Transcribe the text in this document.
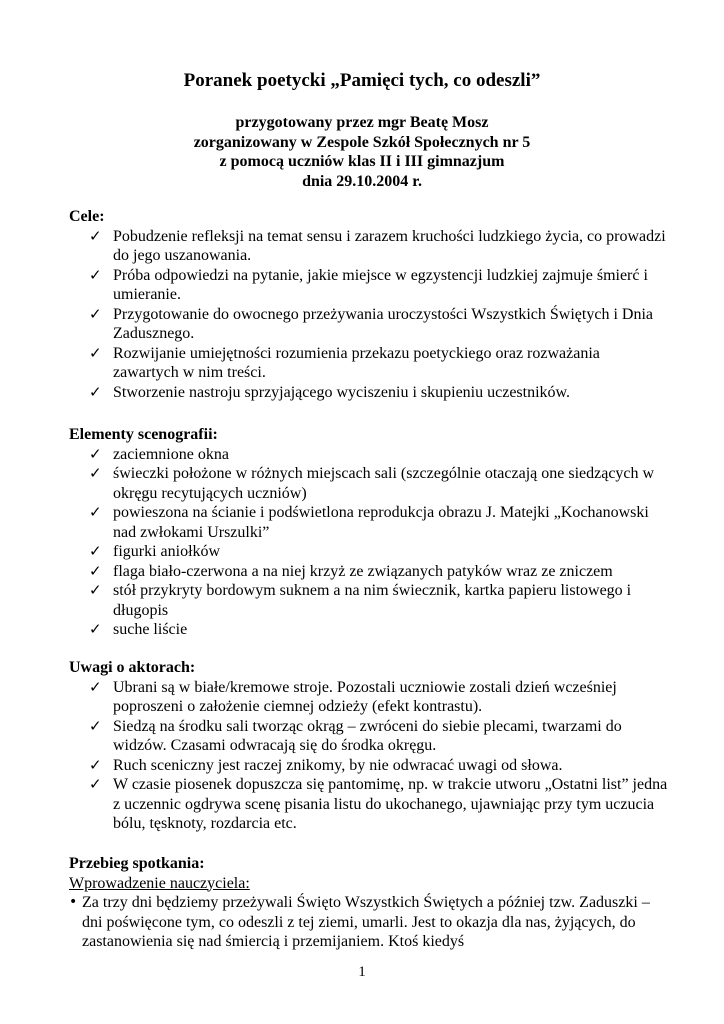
Poranek poetycki „Pamięci tych, co odeszli”
przygotowany przez mgr Beatę Mosz
zorganizowany w Zespole Szkół Społecznych nr 5
z pomocą uczniów klas II i III gimnazjum
dnia 29.10.2004 r.
Cele:
✓ Pobudzenie refleksji na temat sensu i zarazem kruchości ludzkiego życia, co prowadzi do jego uszanowania.
✓ Próba odpowiedzi na pytanie, jakie miejsce w egzystencji ludzkiej zajmuje śmierć i umieranie.
✓ Przygotowanie do owocnego przeżywania uroczystości Wszystkich Świętych i Dnia Zadusznego.
✓ Rozwijanie umiejętności rozumienia przekazu poetyckiego oraz rozważania zawartych w nim treści.
✓ Stworzenie nastroju sprzyjającego wyciszeniu i skupieniu uczestników.
Elementy scenografii:
✓ zaciemnione okna
✓ świeczki położone w różnych miejscach sali (szczególnie otaczają one siedzących w okręgu recytujących uczniów)
✓ powieszona na ścianie i podświetlona reprodukcja obrazu J. Matejki „Kochanowski nad zwłokami Urszulki”
✓ figurki aniołków
✓ flaga biało-czerwona a na niej krzyż ze związanych patyków wraz ze zniczem
✓ stół przykryty bordowym suknem a na nim świecznik, kartka papieru listowego i długopis
✓ suche liście
Uwagi o aktorach:
✓ Ubrani są w białe/kremowe stroje. Pozostali uczniowie zostali dzień wcześniej poproszeni o założenie ciemnej odzieży (efekt kontrastu).
✓ Siedzą na środku sali tworząc okrąg – zwróceni do siebie plecami, twarzami do widzów. Czasami odwracają się do środka okręgu.
✓ Ruch sceniczny jest raczej znikomy, by nie odwracać uwagi od słowa.
✓ W czasie piosenek dopuszcza się pantomimę, np. w trakcie utworu „Ostatni list” jedna z uczennic ogdrywa scenę pisania listu do ukochanego, ujawniając przy tym uczucia bólu, tęsknoty, rozdarcia etc.
Przebieg spotkania:
Wprowadzenie nauczyciela:
• Za trzy dni będziemy przeżywali Święto Wszystkich Świętych a później tzw. Zaduszki – dni poświęcone tym, co odeszli z tej ziemi, umarli. Jest to okazja dla nas, żyjących, do zastanowienia się nad śmiercią i przemijaniem. Ktoś kiedyś
1
